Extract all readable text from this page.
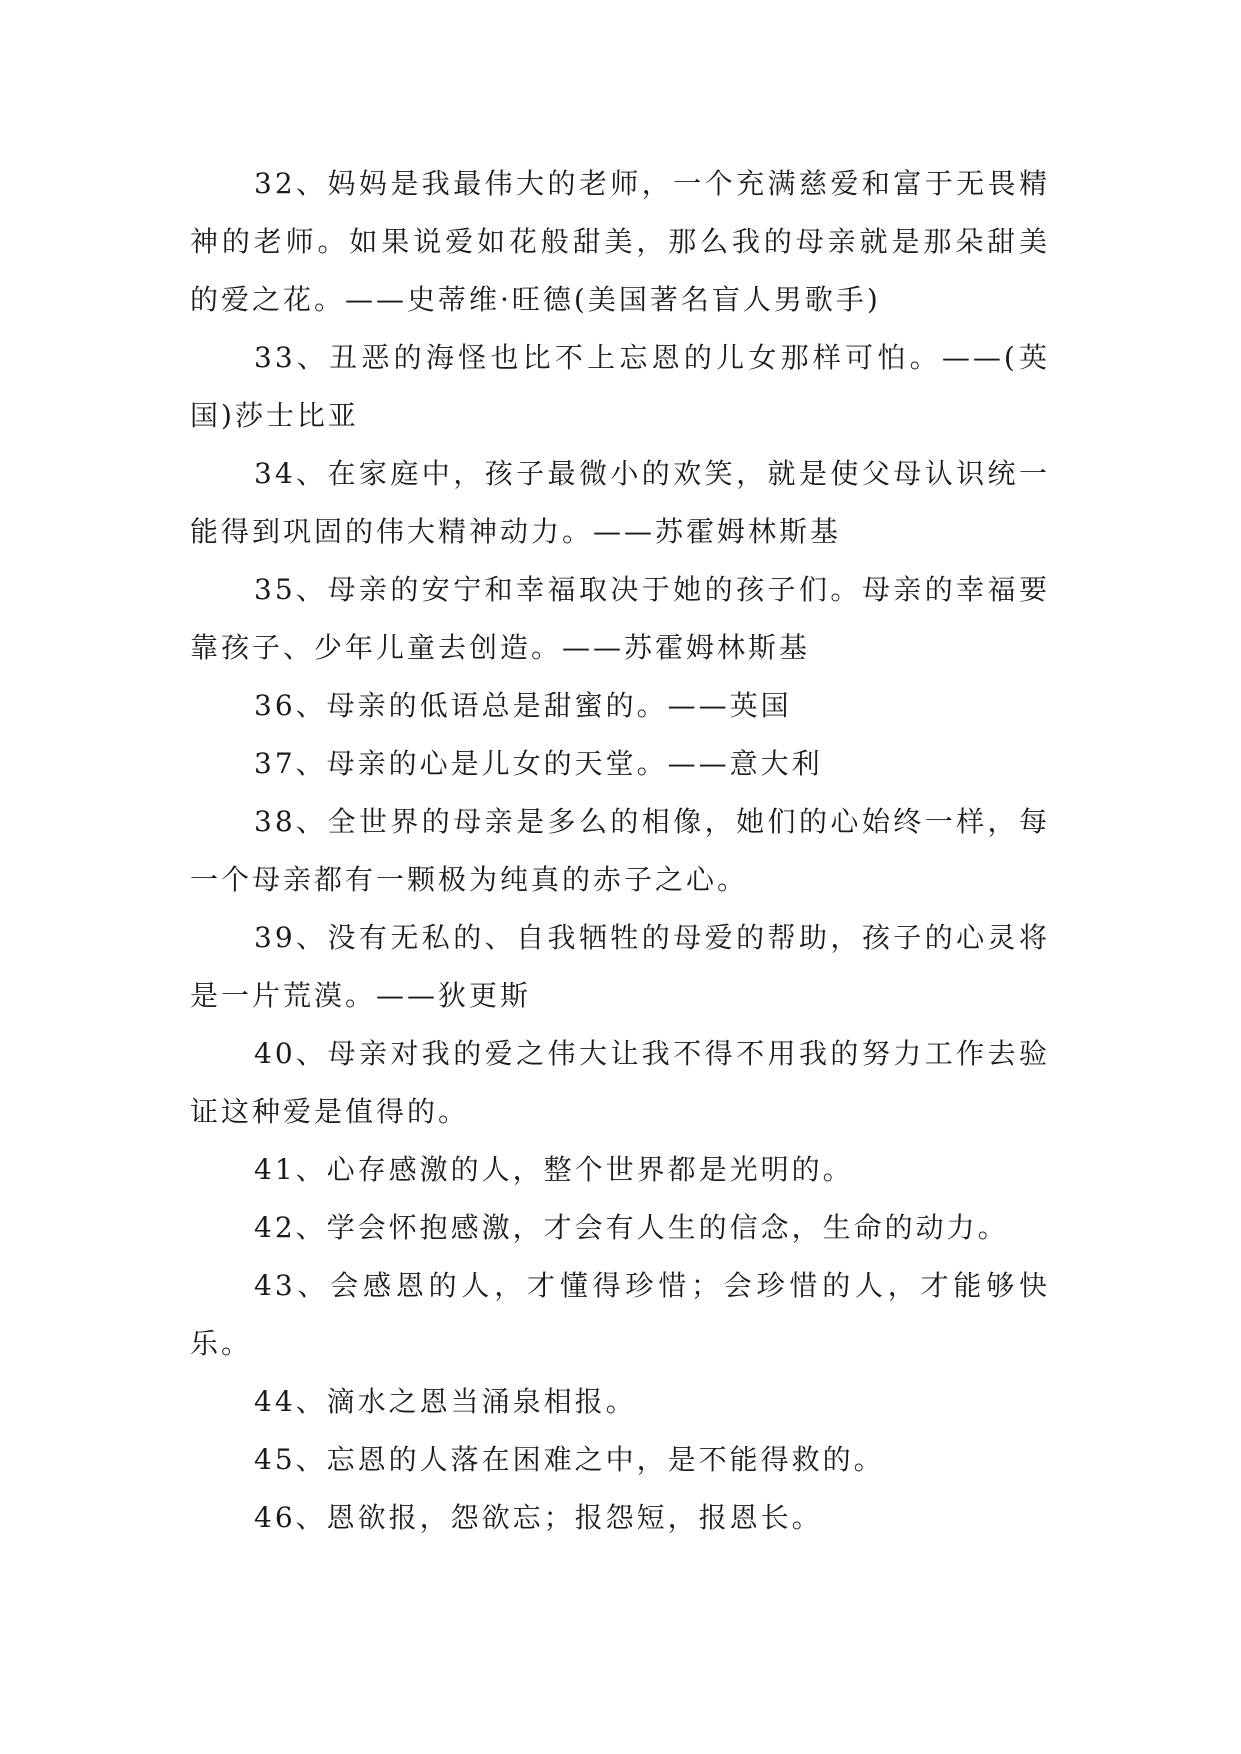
32、妈妈是我最伟大的老师，一个充满慈爱和富于无畏精神的老师。如果说爱如花般甜美，那么我的母亲就是那朵甜美的爱之花。——史蒂维·旺德(美国著名盲人男歌手)

33、丑恶的海怪也比不上忘恩的儿女那样可怕。——(英国)莎士比亚

34、在家庭中，孩子最微小的欢笑，就是使父母认识统一能得到巩固的伟大精神动力。——苏霍姆林斯基

35、母亲的安宁和幸福取决于她的孩子们。母亲的幸福要靠孩子、少年儿童去创造。——苏霍姆林斯基

36、母亲的低语总是甜蜜的。——英国

37、母亲的心是儿女的天堂。——意大利

38、全世界的母亲是多么的相像，她们的心始终一样，每一个母亲都有一颗极为纯真的赤子之心。

39、没有无私的、自我牺牲的母爱的帮助，孩子的心灵将是一片荒漠。——狄更斯

40、母亲对我的爱之伟大让我不得不用我的努力工作去验证这种爱是值得的。

41、心存感激的人，整个世界都是光明的。

42、学会怀抱感激，才会有人生的信念，生命的动力。

43、会感恩的人，才懂得珍惜；会珍惜的人，才能够快乐。

44、滴水之恩当涌泉相报。

45、忘恩的人落在困难之中，是不能得救的。

46、恩欲报，怨欲忘；报怨短，报恩长。
